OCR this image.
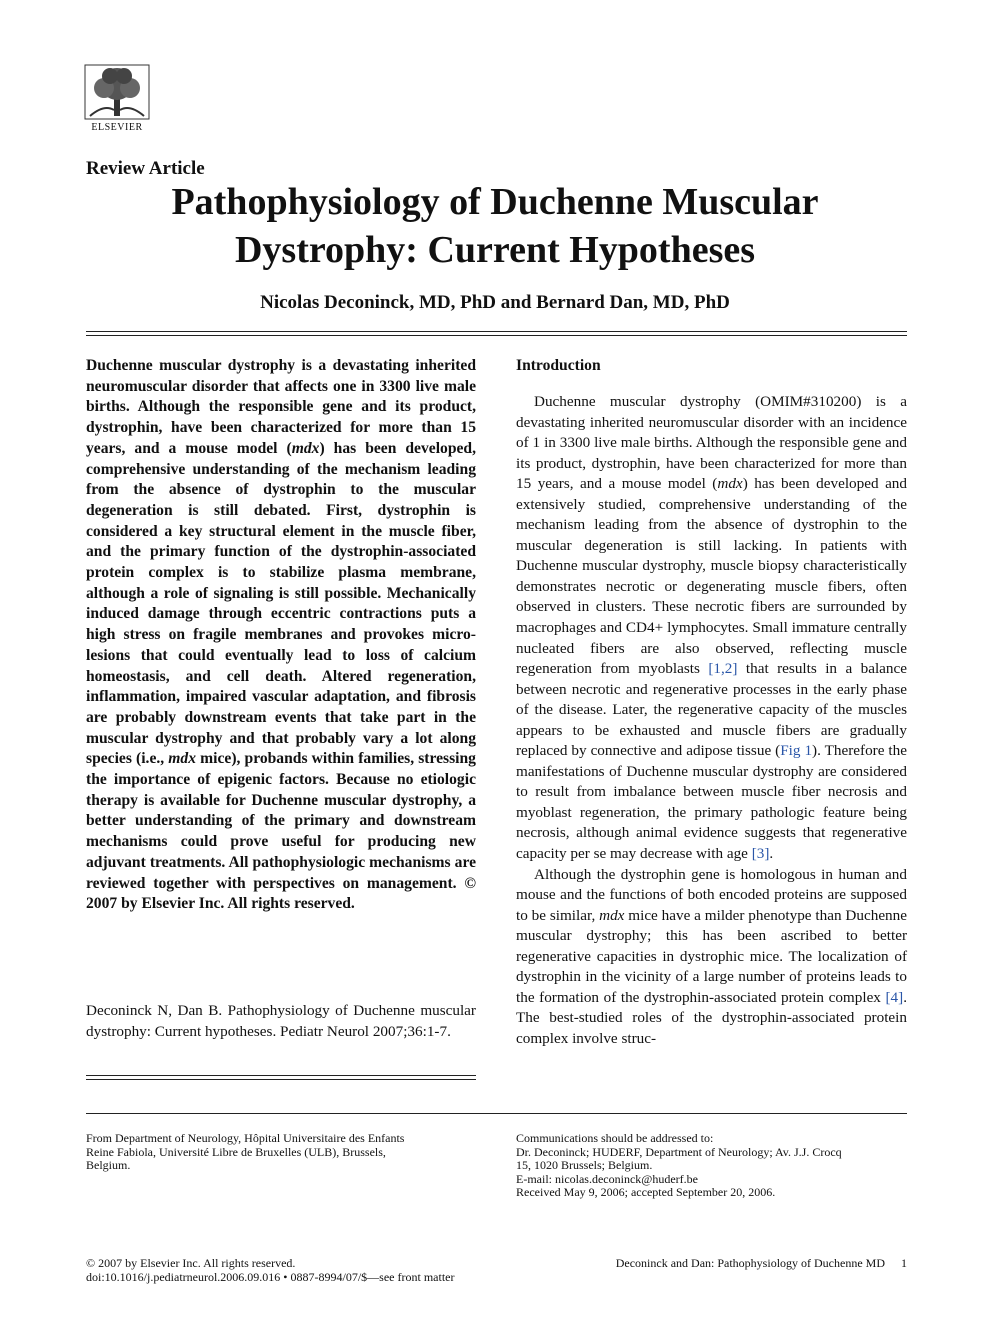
ELSEVIER
Review Article
Pathophysiology of Duchenne Muscular
Dystrophy: Current Hypotheses
Nicolas Deconinck, MD, PhD and Bernard Dan, MD, PhD
Duchenne muscular dystrophy is a devastating inherited neuromuscular disorder that affects one in 3300 live male births. Although the responsible gene and its product, dystrophin, have been characterized for more than 15 years, and a mouse model (mdx) has been developed, comprehensive understanding of the mechanism leading from the absence of dystrophin to the muscular degeneration is still debated. First, dystrophin is considered a key structural element in the muscle fiber, and the primary function of the dystrophin-associated protein complex is to stabilize plasma membrane, although a role of signaling is still possible. Mechanically induced damage through eccentric contractions puts a high stress on fragile membranes and provokes micro-lesions that could eventually lead to loss of calcium homeostasis, and cell death. Altered regeneration, inflammation, impaired vascular adaptation, and fibrosis are probably downstream events that take part in the muscular dystrophy and that probably vary a lot along species (i.e., mdx mice), probands within families, stressing the importance of epigenic factors. Because no etiologic therapy is available for Duchenne muscular dystrophy, a better understanding of the primary and downstream mechanisms could prove useful for producing new adjuvant treatments. All pathophysiologic mechanisms are reviewed together with perspectives on management. © 2007 by Elsevier Inc. All rights reserved.
Deconinck N, Dan B. Pathophysiology of Duchenne muscular dystrophy: Current hypotheses. Pediatr Neurol 2007;36:1-7.
Introduction

Duchenne muscular dystrophy (OMIM#310200) is a devastating inherited neuromuscular disorder with an incidence of 1 in 3300 live male births. Although the responsible gene and its product, dystrophin, have been characterized for more than 15 years, and a mouse model (mdx) has been developed and extensively studied, comprehensive understanding of the mechanism leading from the absence of dystrophin to the muscular degeneration is still lacking. In patients with Duchenne muscular dystrophy, muscle biopsy characteristically demonstrates necrotic or degenerating muscle fibers, often observed in clusters. These necrotic fibers are surrounded by macrophages and CD4+ lymphocytes. Small immature centrally nucleated fibers are also observed, reflecting muscle regeneration from myoblasts [1,2] that results in a balance between necrotic and regenerative processes in the early phase of the disease. Later, the regenerative capacity of the muscles appears to be exhausted and muscle fibers are gradually replaced by connective and adipose tissue (Fig 1). Therefore the manifestations of Duchenne muscular dystrophy are considered to result from imbalance between muscle fiber necrosis and myoblast regeneration, the primary pathologic feature being necrosis, although animal evidence suggests that regenerative capacity per se may decrease with age [3].

Although the dystrophin gene is homologous in human and mouse and the functions of both encoded proteins are supposed to be similar, mdx mice have a milder phenotype than Duchenne muscular dystrophy; this has been ascribed to better regenerative capacities in dystrophic mice. The localization of dystrophin in the vicinity of a large number of proteins leads to the formation of the dystrophin-associated protein complex [4]. The best-studied roles of the dystrophin-associated protein complex involve struc-

From Department of Neurology, Hôpital Universitaire des Enfants
Reine Fabiola, Université Libre de Bruxelles (ULB), Brussels,
Belgium.
Communications should be addressed to:
Dr. Deconinck; HUDERF, Department of Neurology; Av. J.J. Crocq
15, 1020 Brussels; Belgium.
E-mail: nicolas.deconinck@huderf.be
Received May 9, 2006; accepted September 20, 2006.
© 2007 by Elsevier Inc. All rights reserved.
doi:10.1016/j.pediatrneurol.2006.09.016 • 0887-8994/07/$—see front matter
Deconinck and Dan: Pathophysiology of Duchenne MD 1
